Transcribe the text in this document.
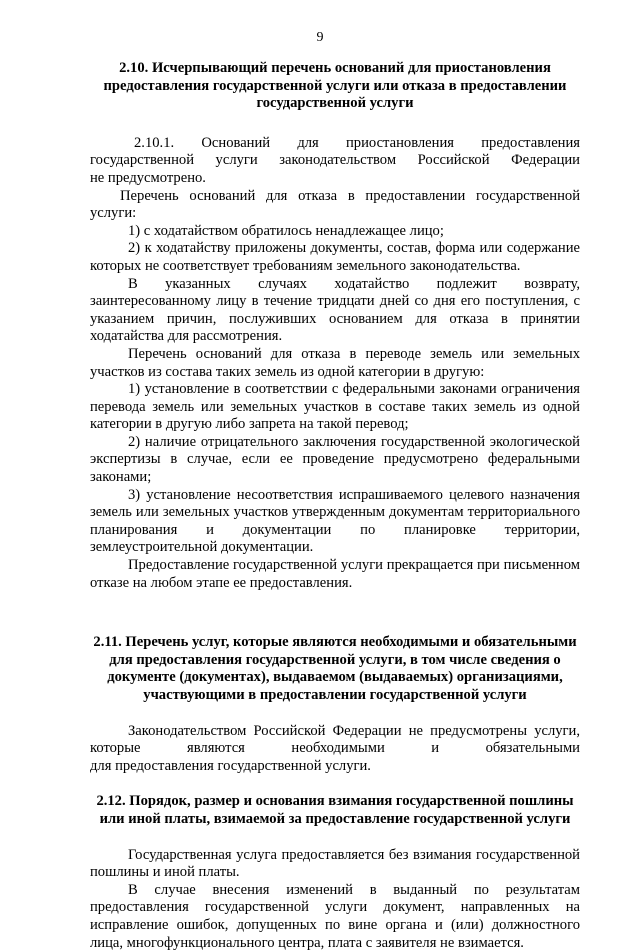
9
2.10. Исчерпывающий перечень оснований для приостановления предоставления государственной услуги или отказа в предоставлении государственной услуги

2.10.1. Оснований для приостановления предоставления государственной услуги законодательством Российской Федерации

не предусмотрено.

Перечень оснований для отказа в предоставлении государственной услуги:

1) с ходатайством обратилось ненадлежащее лицо;

2) к ходатайству приложены документы, состав, форма или содержание которых не соответствует требованиям земельного законодательства.

В указанных случаях ходатайство подлежит возврату, заинтересованному лицу в течение тридцати дней со дня его поступления, с указанием причин, послуживших основанием для отказа в принятии ходатайства для рассмотрения.

Перечень оснований для отказа в переводе земель или земельных участков из состава таких земель из одной категории в другую:

1) установление в соответствии с федеральными законами ограничения перевода земель или земельных участков в составе таких земель из одной категории в другую либо запрета на такой перевод;

2) наличие отрицательного заключения государственной экологической экспертизы в случае, если ее проведение предусмотрено федеральными законами;

3) установление несоответствия испрашиваемого целевого назначения земель или земельных участков утвержденным документам территориального планирования и документации по планировке территории, землеустроительной документации.

Предоставление государственной услуги прекращается при письменном отказе на любом этапе ее предоставления.

2.11. Перечень услуг, которые являются необходимыми и обязательными для предоставления государственной услуги, в том числе сведения о документе (документах), выдаваемом (выдаваемых) организациями, участвующими в предоставлении государственной услуги

Законодательством Российской Федерации не предусмотрены услуги, которые являются необходимыми и обязательными

для предоставления государственной услуги.

2.12. Порядок, размер и основания взимания государственной пошлины или иной платы, взимаемой за предоставление государственной услуги

Государственная услуга предоставляется без взимания государственной пошлины и иной платы.

В случае внесения изменений в выданный по результатам предоставления государственной услуги документ, направленных на исправление ошибок, допущенных по вине органа и (или) должностного лица, многофункционального центра, плата с заявителя не взимается.
